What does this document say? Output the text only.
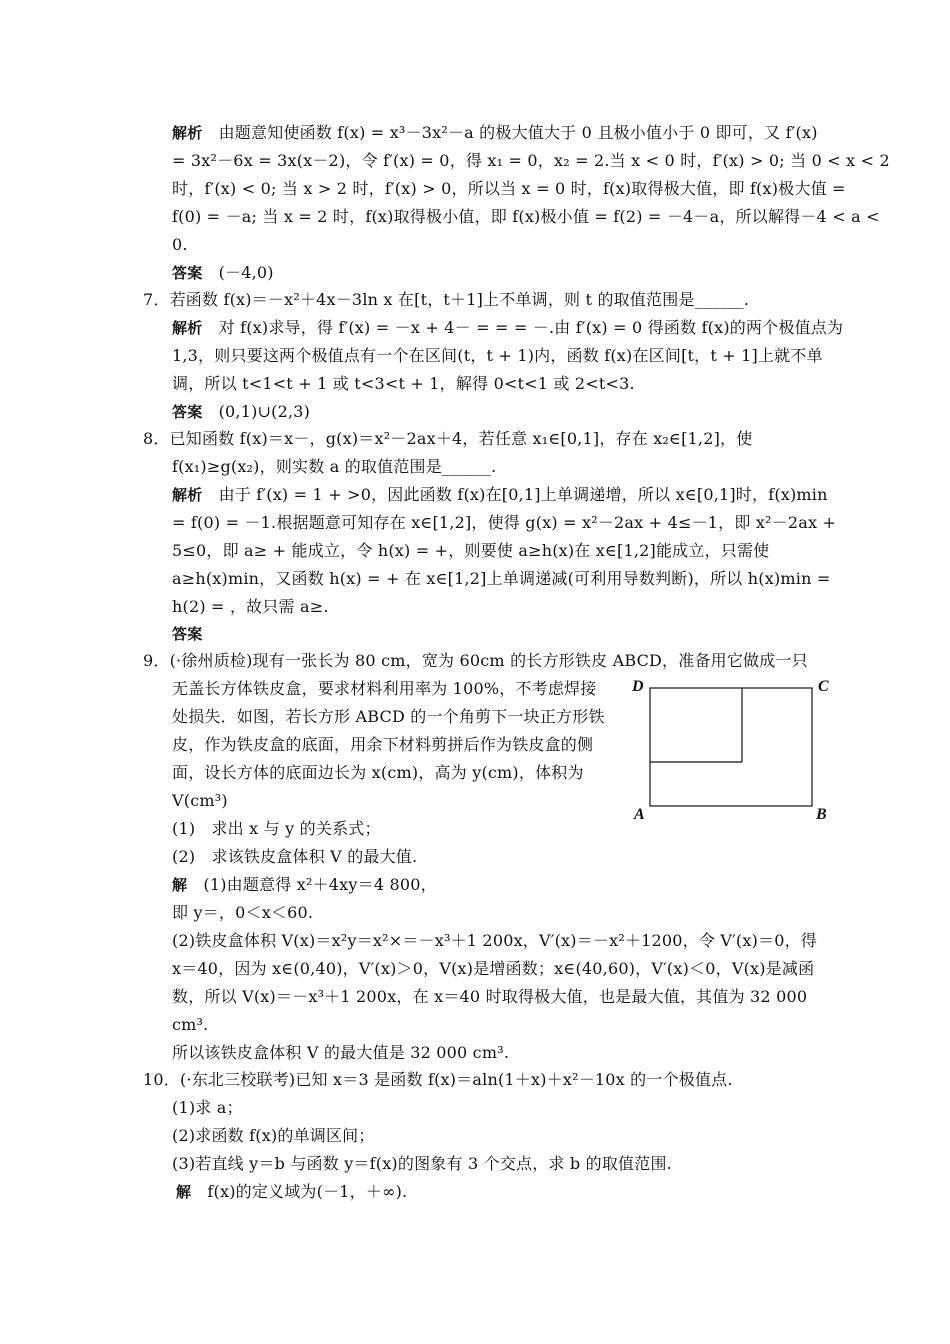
解析　由题意知使函数 f(x) = x³－3x²－a 的极大值大于 0 且极小值小于 0 即可，又 f′(x)
= 3x²－6x = 3x(x－2)，令 f′(x) = 0，得 x₁ = 0，x₂ = 2.当 x < 0 时，f′(x) > 0; 当 0 < x < 2
时，f′(x) < 0; 当 x > 2 时，f′(x) > 0，所以当 x = 0 时，f(x)取得极大值，即 f(x)极大值 =
f(0) = －a; 当 x = 2 时，f(x)取得极小值，即 f(x)极小值 = f(2) = －4－a，所以解得－4 < a <
0.
答案　(－4,0)
7．若函数 f(x)＝－x²＋4x－3ln x 在[t，t＋1]上不单调，则 t 的取值范围是______.
解析　对 f(x)求导，得 f′(x) = －x + 4－ = = = －.由 f′(x) = 0 得函数 f(x)的两个极值点为
1,3，则只要这两个极值点有一个在区间(t，t + 1)内，函数 f(x)在区间[t，t + 1]上就不单
调，所以 t<1<t + 1 或 t<3<t + 1，解得 0<t<1 或 2<t<3.
答案　(0,1)∪(2,3)
8．已知函数 f(x)＝x－，g(x)＝x²－2ax＋4，若任意 x₁∈[0,1]，存在 x₂∈[1,2]，使
f(x₁)≥g(x₂)，则实数 a 的取值范围是______.
解析　由于 f′(x) = 1 + >0，因此函数 f(x)在[0,1]上单调递增，所以 x∈[0,1]时，f(x)min
= f(0) = －1.根据题意可知存在 x∈[1,2]，使得 g(x) = x²－2ax + 4≤－1，即 x²－2ax +
5≤0，即 a≥ + 能成立，令 h(x) = +，则要使 a≥h(x)在 x∈[1,2]能成立，只需使
a≥h(x)min，又函数 h(x) = + 在 x∈[1,2]上单调递减(可利用导数判断)，所以 h(x)min =
h(2) = ，故只需 a≥.
答案
9．(·徐州质检)现有一张长为 80 cm，宽为 60cm 的长方形铁皮 ABCD，准备用它做成一只
无盖长方体铁皮盒，要求材料利用率为 100%，不考虑焊接
处损失．如图，若长方形 ABCD 的一个角剪下一块正方形铁
皮，作为铁皮盒的底面，用余下材料剪拼后作为铁皮盒的侧
面，设长方体的底面边长为 x(cm)，高为 y(cm)，体积为
V(cm³)
(1)　求出 x 与 y 的关系式；
(2)　求该铁皮盒体积 V 的最大值.
解　(1)由题意得 x²＋4xy＝4 800，
即 y＝，0＜x＜60.
(2)铁皮盒体积 V(x)＝x²y＝x²×＝－x³＋1 200x，V′(x)＝－x²＋1200，令 V′(x)＝0，得
x＝40，因为 x∈(0,40)，V′(x)＞0，V(x)是增函数；x∈(40,60)，V′(x)＜0，V(x)是减函
数，所以 V(x)＝－x³＋1 200x，在 x＝40 时取得极大值，也是最大值，其值为 32 000
cm³.
所以该铁皮盒体积 V 的最大值是 32 000 cm³.
10．(·东北三校联考)已知 x＝3 是函数 f(x)＝aln(1＋x)＋x²－10x 的一个极值点.
(1)求 a；
(2)求函数 f(x)的单调区间；
(3)若直线 y＝b 与函数 y＝f(x)的图象有 3 个交点，求 b 的取值范围.
解　f(x)的定义域为(－1，＋∞).
D	C
A	B
